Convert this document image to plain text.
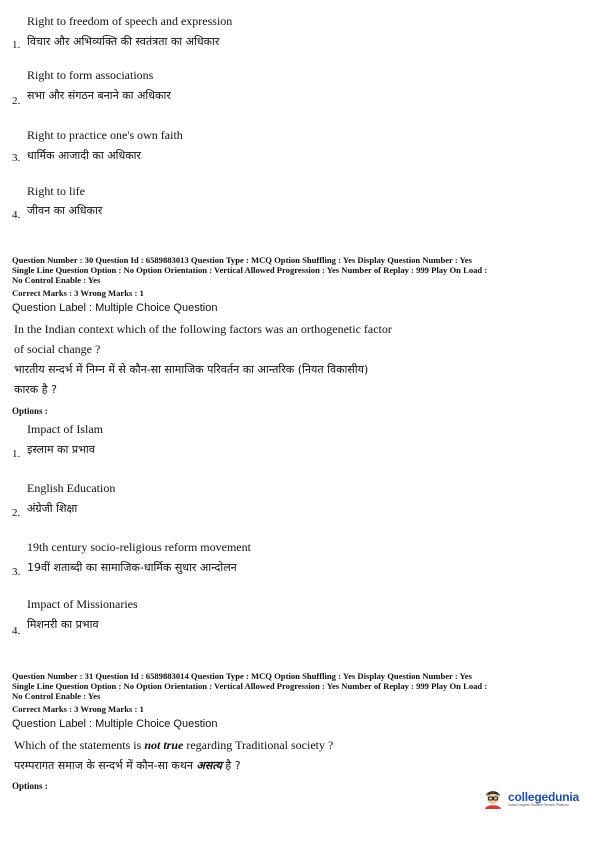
Right to freedom of speech and expression
1. विचार और अभिव्यक्ति की स्वतंत्रता का अधिकार
Right to form associations
2. सभा और संगठन बनाने का अधिकार
Right to practice one's own faith
3. धार्मिक आजादी का अधिकार
Right to life
4. जीवन का अधिकार
Question Number : 30 Question Id : 6589883013 Question Type : MCQ Option Shuffling : Yes Display Question Number : Yes
Single Line Question Option : No Option Orientation : Vertical Allowed Progression : Yes Number of Replay : 999 Play On Load :
No Control Enable : Yes
Correct Marks : 3 Wrong Marks : 1
Question Label : Multiple Choice Question
In the Indian context which of the following factors was an orthogenetic factor
of social change ?
भारतीय सन्दर्भ में निम्न में से कौन-सा सामाजिक परिवर्तन का आन्तरिक (नियत विकासीय)
कारक है ?
Options :
Impact of Islam
1. इस्लाम का प्रभाव
English Education
2. अंग्रेजी शिक्षा
19th century socio-religious reform movement
3. 19वीं शताब्दी का सामाजिक-धार्मिक सुधार आन्दोलन
Impact of Missionaries
4. मिशनरी का प्रभाव
Question Number : 31 Question Id : 6589883014 Question Type : MCQ Option Shuffling : Yes Display Question Number : Yes
Single Line Question Option : No Option Orientation : Vertical Allowed Progression : Yes Number of Replay : 999 Play On Load :
No Control Enable : Yes
Correct Marks : 3 Wrong Marks : 1
Question Label : Multiple Choice Question
Which of the statements is not true regarding Traditional society ?
परम्परागत समाज के सन्दर्भ में कौन-सा कथन असत्य है ?
Options :
collegedunia
India's largest Student Review Platform
